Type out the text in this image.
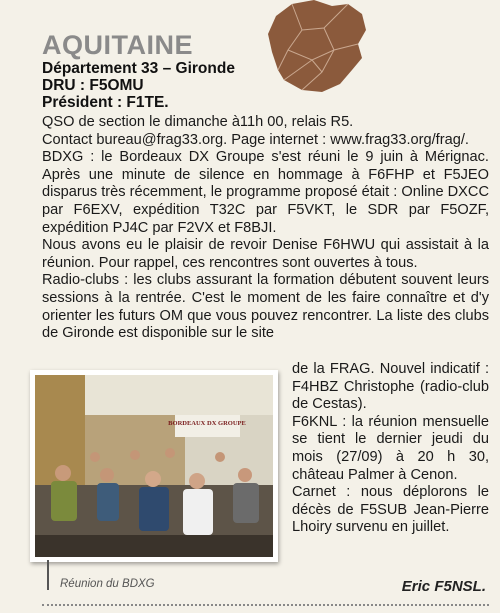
AQUITAINE
Département 33 – Gironde
DRU : F5OMU
Président : F1TE.

QSO de section le dimanche à11h 00, relais R5.

Contact bureau@frag33.org. Page internet : www.frag33.org/frag/.

BDXG : le Bordeaux DX Groupe s'est réuni le 9 juin à Mérignac. Après une minute de silence en hommage à F6FHP et F5JEO disparus très récemment, le programme proposé était : Online DXCC par F6EXV, expédition T32C par F5VKT, le SDR par F5OZF, expédition PJ4C par F2VX et F8BJI.

Nous avons eu le plaisir de revoir Denise F6HWU qui assistait à la réunion. Pour rappel, ces rencontres sont ouvertes à tous.

Radio-clubs : les clubs assurant la formation débutent souvent leurs sessions à la rentrée. C'est le moment de les faire connaître et d'y orienter les futurs OM que vous pouvez rencontrer. La liste des clubs de Gironde est disponible sur le site

BORDEAUX DX GROUPE
Réunion du BDXG

de la FRAG. Nouvel indicatif : F4HBZ Christophe (radio-club de Cestas).

F6KNL : la réunion mensuelle se tient le dernier jeudi du mois (27/09) à 20 h 30, château Palmer à Cenon.

Carnet : nous déplorons le décès de F5SUB Jean-Pierre Lhoiry survenu en juillet.

Eric F5NSL.
